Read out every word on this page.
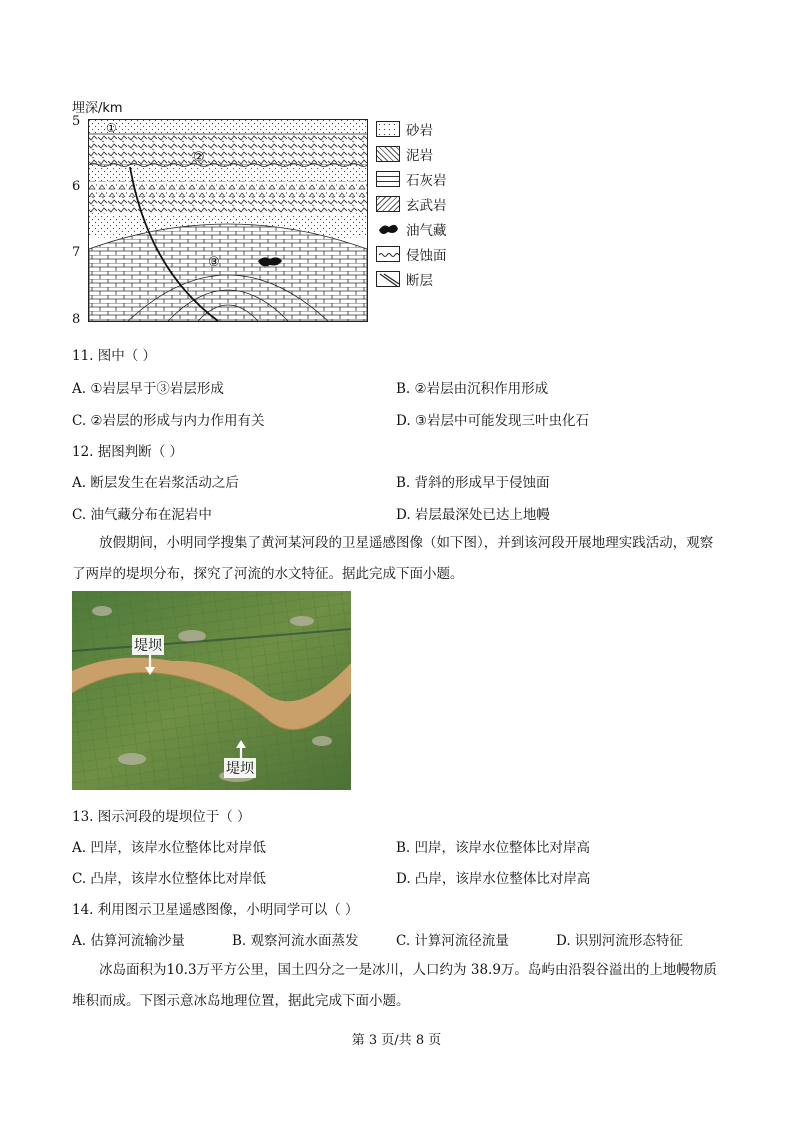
埋深/km
5
6
7
8
①
②
③
砂岩
泥岩
石灰岩
玄武岩
油气藏
侵蚀面
断层
11. 图中（ ）
A. ①岩层早于③岩层形成	B. ②岩层由沉积作用形成
C. ②岩层的形成与内力作用有关	D. ③岩层中可能发现三叶虫化石
12. 据图判断（ ）
A. 断层发生在岩浆活动之后	B. 背斜的形成早于侵蚀面
C. 油气藏分布在泥岩中	D. 岩层最深处已达上地幔
放假期间，小明同学搜集了黄河某河段的卫星遥感图像（如下图），并到该河段开展地理实践活动，观察了两岸的堤坝分布，探究了河流的水文特征。据此完成下面小题。
堤坝
堤坝
13. 图示河段的堤坝位于（ ）
A. 凹岸，该岸水位整体比对岸低	B. 凹岸，该岸水位整体比对岸高
C. 凸岸，该岸水位整体比对岸低	D. 凸岸，该岸水位整体比对岸高
14. 利用图示卫星遥感图像，小明同学可以（ ）
A. 估算河流输沙量	B. 观察河流水面蒸发	C. 计算河流径流量	D. 识别河流形态特征
冰岛面积为10.3万平方公里，国土四分之一是冰川，人口约为 38.9万。岛屿由沿裂谷溢出的上地幔物质堆积而成。下图示意冰岛地理位置，据此完成下面小题。
第 3 页/共 8 页
